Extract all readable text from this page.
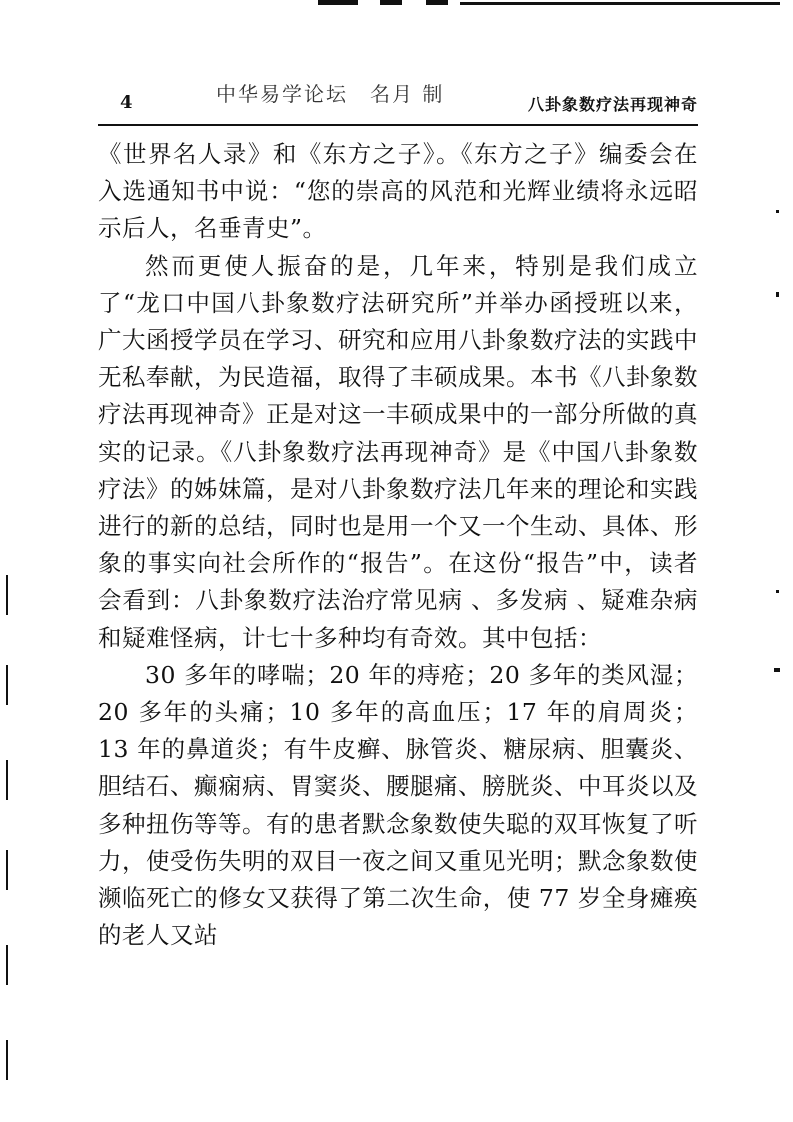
4	中华易学论坛　名月 制	八卦象数疗法再现神奇

《世界名人录》和《东方之子》。《东方之子》编委会在入选通知书中说：“您的崇高的风范和光辉业绩将永远昭示后人，名垂青史”。

然而更使人振奋的是，几年来，特别是我们成立了“龙口中国八卦象数疗法研究所”并举办函授班以来，广大函授学员在学习、研究和应用八卦象数疗法的实践中无私奉献，为民造福，取得了丰硕成果。本书《八卦象数疗法再现神奇》正是对这一丰硕成果中的一部分所做的真实的记录。《八卦象数疗法再现神奇》是《中国八卦象数疗法》的姊妹篇，是对八卦象数疗法几年来的理论和实践进行的新的总结，同时也是用一个又一个生动、具体、形象的事实向社会所作的“报告”。在这份“报告”中，读者会看到：八卦象数疗法治疗常见病 、多发病 、疑难杂病和疑难怪病，计七十多种均有奇效。其中包括：

30 多年的哮喘；20 年的痔疮；20 多年的类风湿；20 多年的头痛；10 多年的高血压；17 年的肩周炎；13 年的鼻道炎；有牛皮癣、脉管炎、糖尿病、胆囊炎、胆结石、癫痫病、胃窦炎、腰腿痛、膀胱炎、中耳炎以及多种扭伤等等。有的患者默念象数使失聪的双耳恢复了听力，使受伤失明的双目一夜之间又重见光明；默念象数使濒临死亡的修女又获得了第二次生命，使 77 岁全身瘫痪的老人又站
